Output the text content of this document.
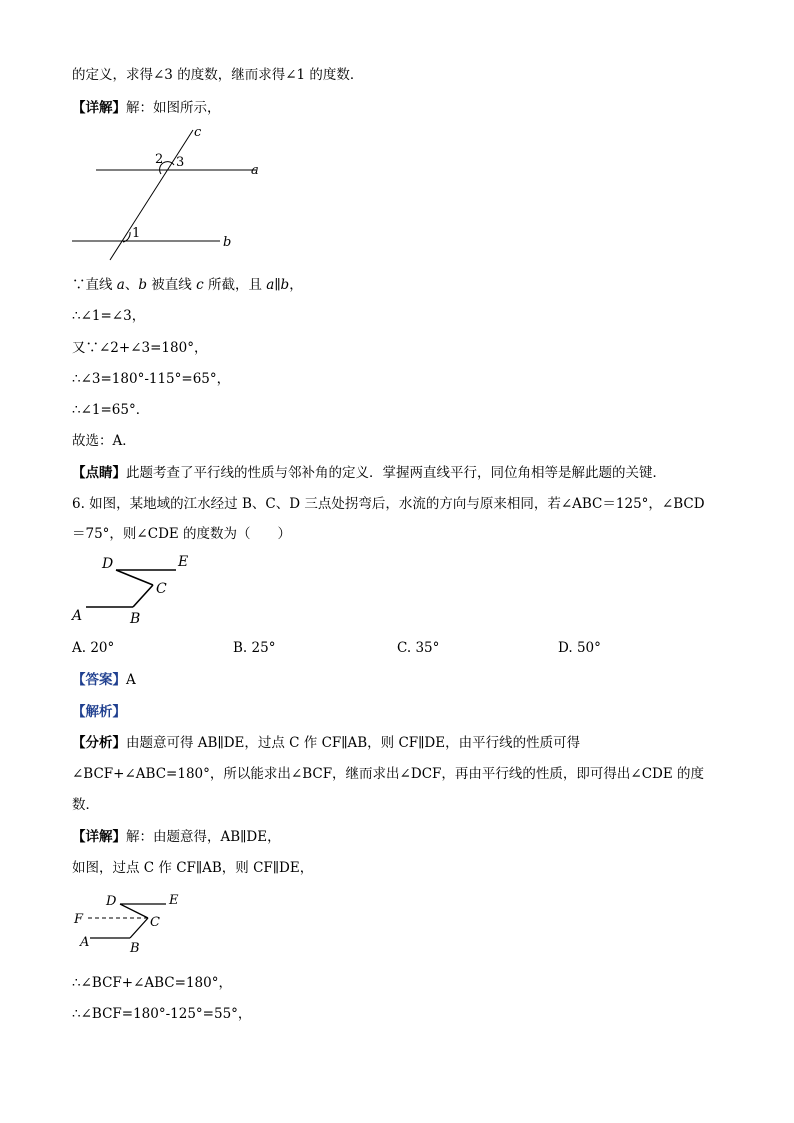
的定义，求得∠3 的度数，继而求得∠1 的度数．
【详解】解：如图所示，
c
a
b
2 3
1
∵直线 a、b 被直线 c 所截，且 a∥b，
∴∠1=∠3，
又∵∠2+∠3=180°，
∴∠3=180°-115°=65°，
∴∠1=65°．
故选：A．
【点睛】此题考查了平行线的性质与邻补角的定义．掌握两直线平行，同位角相等是解此题的关键．
6. 如图，某地域的江水经过 B、C、D 三点处拐弯后，水流的方向与原来相同，若∠ABC＝125°，∠BCD
＝75°，则∠CDE 的度数为（　　）
D	E
C
A	B
A. 20°	B. 25°	C. 35°	D. 50°
【答案】A
【解析】
【分析】由题意可得 AB∥DE，过点 C 作 CF∥AB，则 CF∥DE，由平行线的性质可得
∠BCF+∠ABC=180°，所以能求出∠BCF，继而求出∠DCF，再由平行线的性质，即可得出∠CDE 的度
数．
【详解】解：由题意得，AB∥DE，
如图，过点 C 作 CF∥AB，则 CF∥DE，
D	E
F	C
A	B
∴∠BCF+∠ABC=180°，
∴∠BCF=180°-125°=55°，
